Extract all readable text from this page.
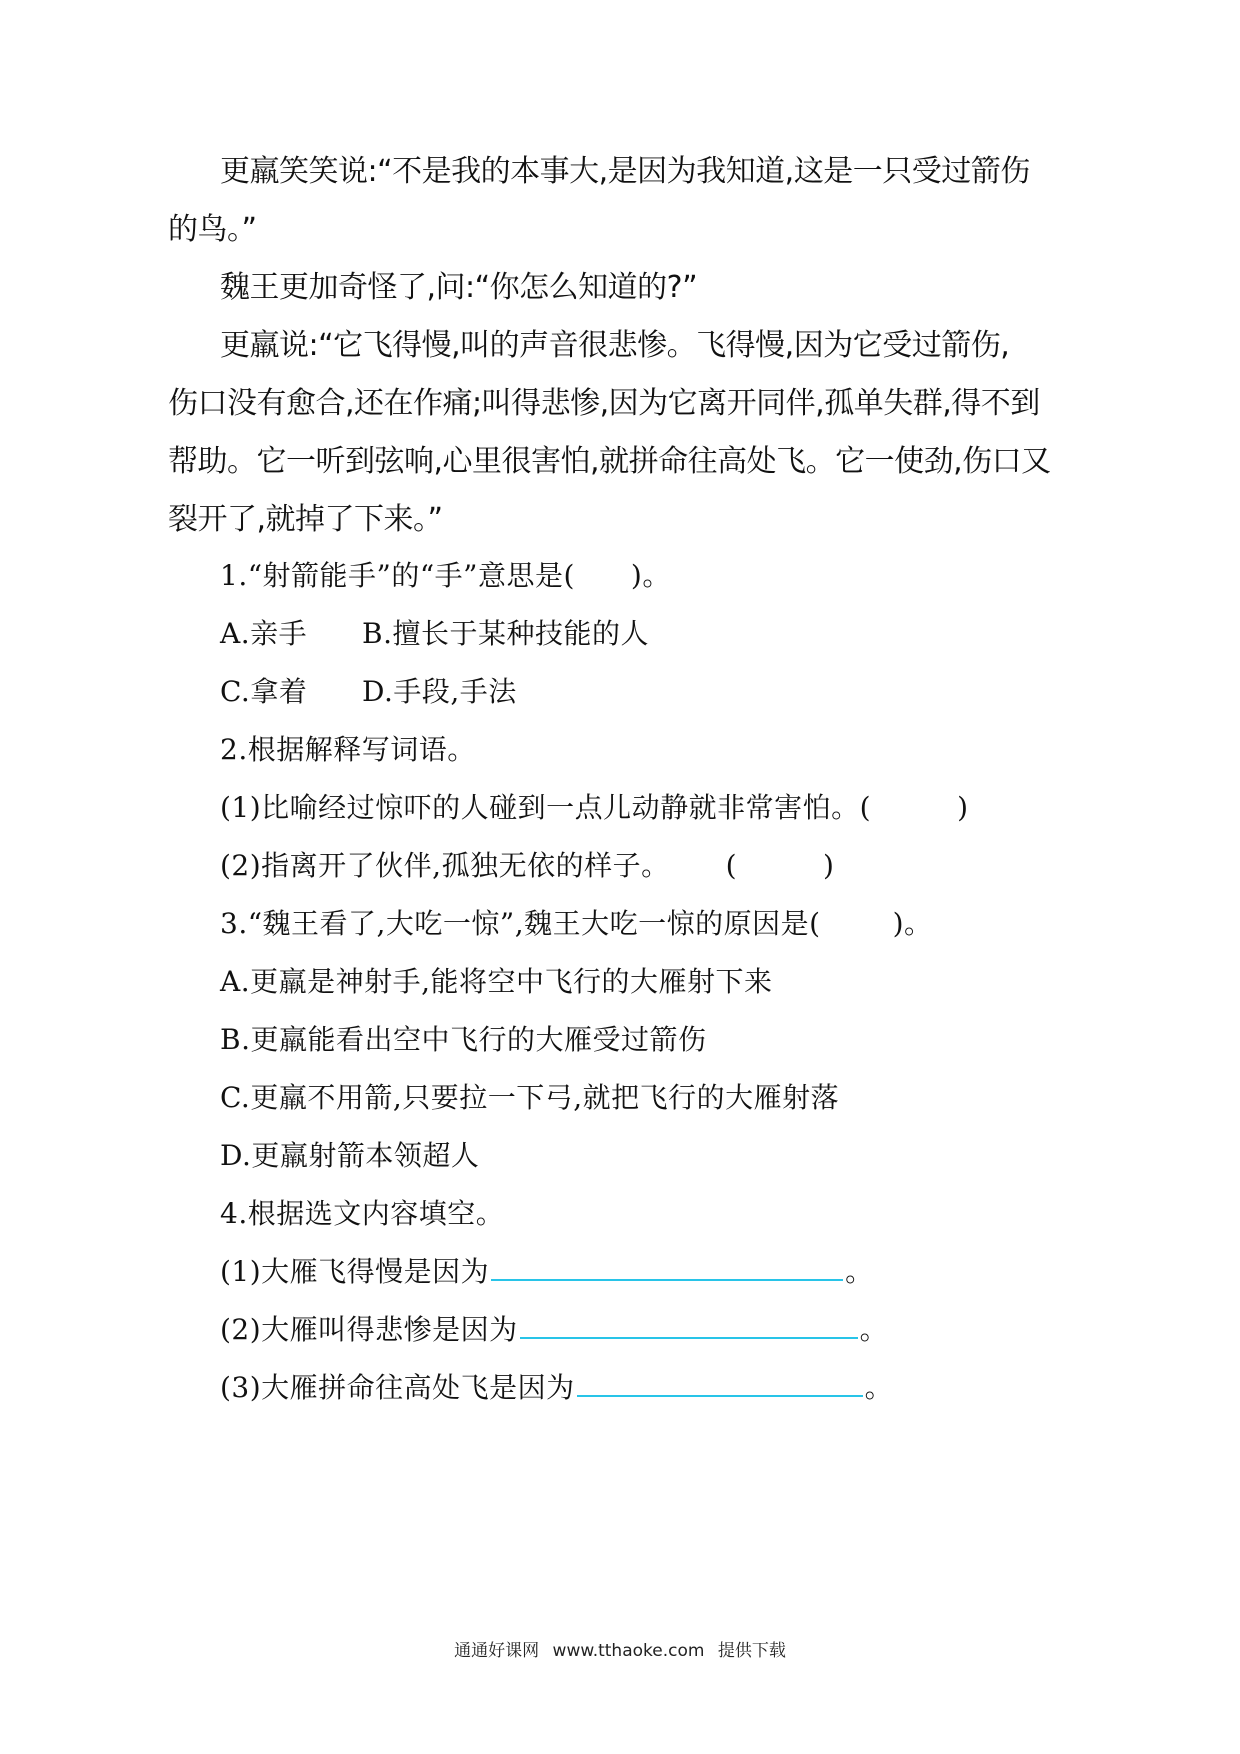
更羸笑笑说:“不是我的本事大,是因为我知道,这是一只受过箭伤
的鸟。”
魏王更加奇怪了,问:“你怎么知道的?”
更羸说:“它飞得慢,叫的声音很悲惨。飞得慢,因为它受过箭伤,
伤口没有愈合,还在作痛;叫得悲惨,因为它离开同伴,孤单失群,得不到
帮助。它一听到弦响,心里很害怕,就拼命往高处飞。它一使劲,伤口又
裂开了,就掉了下来。”
1.“射箭能手”的“手”意思是( )。
A.亲手 B.擅长于某种技能的人
C.拿着 D.手段,手法
2.根据解释写词语。
(1)比喻经过惊吓的人碰到一点儿动静就非常害怕。(	)
(2)指离开了伙伴,孤独无依的样子。 (	)
3.“魏王看了,大吃一惊”,魏王大吃一惊的原因是(	)。
A.更羸是神射手,能将空中飞行的大雁射下来
B.更羸能看出空中飞行的大雁受过箭伤
C.更羸不用箭,只要拉一下弓,就把飞行的大雁射落
D.更羸射箭本领超人
4.根据选文内容填空。
(1)大雁飞得慢是因为	。
(2)大雁叫得悲惨是因为	。
(3)大雁拼命往高处飞是因为	。
通通好课网 www.tthaoke.com 提供下载
